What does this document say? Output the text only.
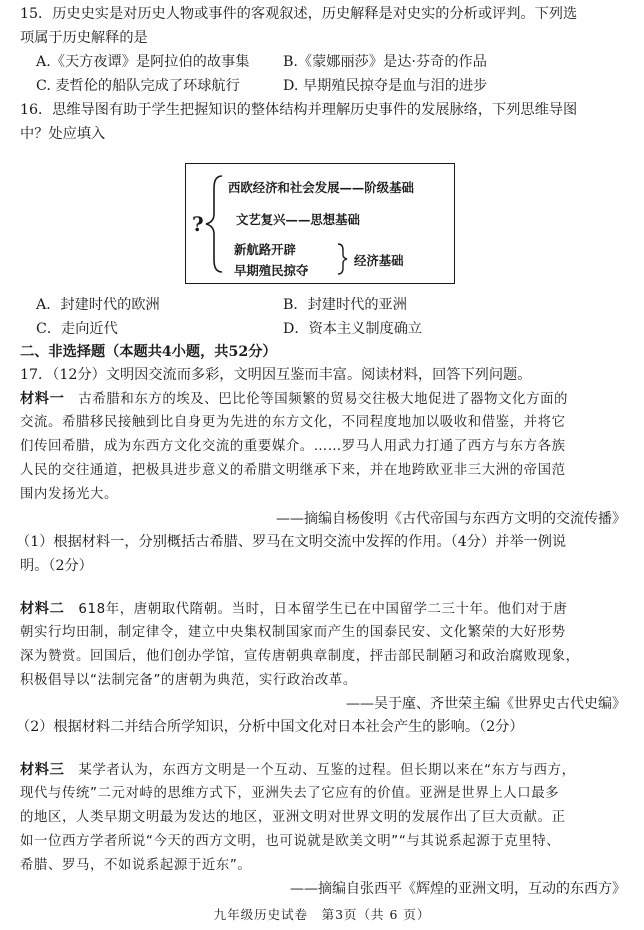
15．历史史实是对历史人物或事件的客观叙述，历史解释是对史实的分析或评判。下列选
项属于历史解释的是
A.《天方夜谭》是阿拉伯的故事集 B.《蒙娜丽莎》是达·芬奇的作品
C. 麦哲伦的船队完成了环球航行	D. 早期殖民掠夺是血与泪的进步
16．思维导图有助于学生把握知识的整体结构并理解历史事件的发展脉络，下列思维导图
中？处应填入
?
西欧经济和社会发展——阶级基础
文艺复兴——思想基础
新航路开辟
早期殖民掠夺
经济基础
A．封建时代的欧洲	B．封建时代的亚洲
C．走向近代	D．资本主义制度确立
二、非选择题（本题共4小题，共52分）
17．（12分）文明因交流而多彩，文明因互鉴而丰富。阅读材料，回答下列问题。
材料一　 古希腊和东方的埃及、巴比伦等国频繁的贸易交往极大地促进了器物文化方面的
交流。希腊移民接触到比自身更为先进的东方文化，不同程度地加以吸收和借鉴，并将它
们传回希腊，成为东西方文化交流的重要媒介。……罗马人用武力打通了西方与东方各族
人民的交往通道，把极具进步意义的希腊文明继承下来，并在地跨欧亚非三大洲的帝国范
围内发扬光大。
——摘编自杨俊明《古代帝国与东西方文明的交流传播》
（1）根据材料一，分别概括古希腊、罗马在文明交流中发挥的作用。（4分）并举一例说
明。（2分）
材料二　 618年，唐朝取代隋朝。当时，日本留学生已在中国留学二三十年。他们对于唐
朝实行均田制，制定律令，建立中央集权制国家而产生的国泰民安、文化繁荣的大好形势
深为赞赏。回国后，他们创办学馆，宣传唐朝典章制度，抨击部民制陋习和政治腐败现象，
积极倡导以“法制完备”的唐朝为典范，实行政治改革。
——吴于廑、齐世荣主编《世界史古代史编》
（2）根据材料二并结合所学知识，分析中国文化对日本社会产生的影响。（2分）
材料三　 某学者认为，东西方文明是一个互动、互鉴的过程。但长期以来在“东方与西方，
现代与传统”二元对峙的思维方式下，亚洲失去了它应有的价值。亚洲是世界上人口最多
的地区，人类早期文明最为发达的地区，亚洲文明对世界文明的发展作出了巨大贡献。正
如一位西方学者所说“今天的西方文明，也可说就是欧美文明”“与其说系起源于克里特、
希腊、罗马，不如说系起源于近东”。
——摘编自张西平《辉煌的亚洲文明，互动的东西方》
九年级历史试卷　第3页（共 6 页）
